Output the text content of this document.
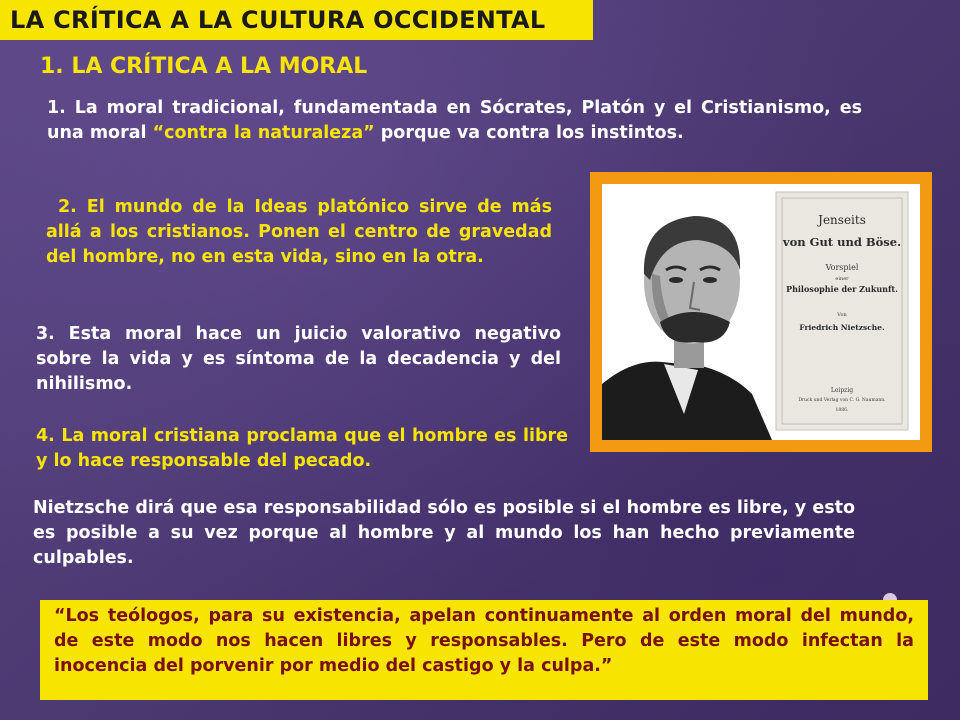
LA CRÍTICA A LA CULTURA OCCIDENTAL
1. LA CRÍTICA A LA MORAL
1. La moral tradicional, fundamentada en Sócrates, Platón y el Cristianismo, es una moral “contra la naturaleza” porque va contra los instintos.
2. El mundo de la Ideas platónico sirve de más allá a los cristianos. Ponen el centro de gravedad del hombre, no en esta vida, sino en la otra.
3. Esta moral hace un juicio valorativo negativo sobre la vida y es síntoma de la decadencia y del nihilismo.
4. La moral cristiana proclama que el hombre es libre y lo hace responsable del pecado.
Nietzsche dirá que esa responsabilidad sólo es posible si el hombre es libre, y esto es posible a su vez porque al hombre y al mundo los han hecho previamente culpables.
Jenseits
von Gut und Böse.
Vorspiel
einer
Philosophie der Zukunft.
Von
Friedrich Nietzsche.
Leipzig
Druck und Verlag von C. G. Naumann.
1886.
“Los teólogos, para su existencia, apelan continuamente al orden moral del mundo, de este modo nos hacen libres y responsables. Pero de este modo infectan la inocencia del porvenir por medio del castigo y la culpa.”
